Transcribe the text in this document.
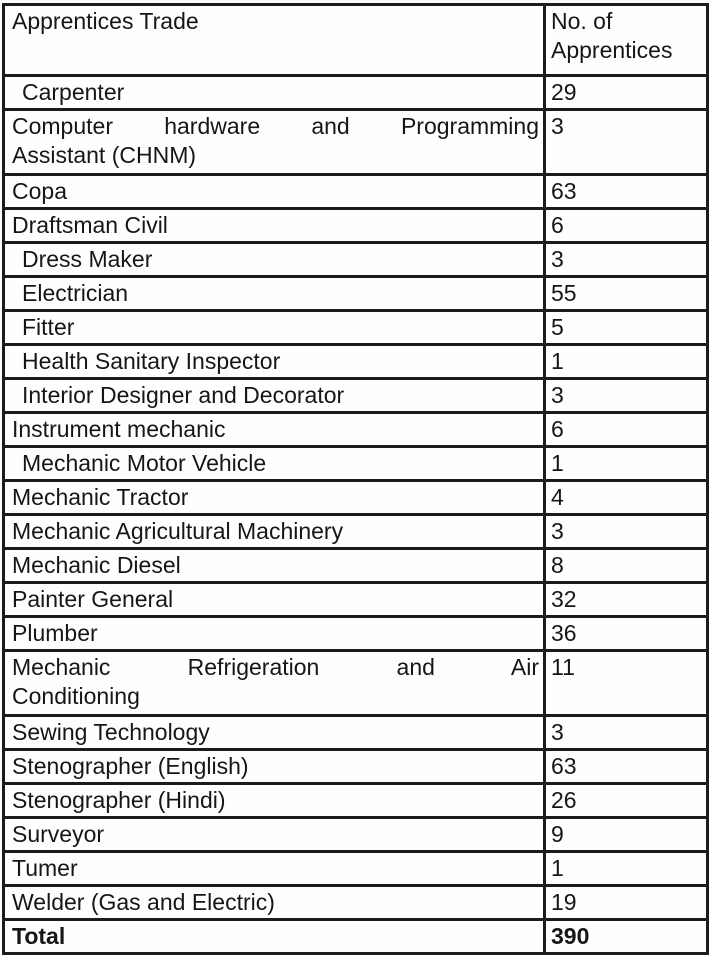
Apprentices Trade	No. of
Apprentices

Carpenter	29

Computer hardware and Programming
Assistant (CHNM)	3
Copa	63
Draftsman Civil	6
Dress Maker	3
Electrician	55
Fitter	5
Health Sanitary Inspector	1
Interior Designer and Decorator	3
Instrument mechanic	6
Mechanic Motor Vehicle	1
Mechanic Tractor	4
Mechanic Agricultural Machinery	3
Mechanic Diesel	8
Painter General	32
Plumber	36

Mechanic Refrigeration and Air
Conditioning	11
Sewing Technology	3
Stenographer (English)	63
Stenographer (Hindi)	26
Surveyor	9
Tumer	1
Welder (Gas and Electric)	19
Total	390
